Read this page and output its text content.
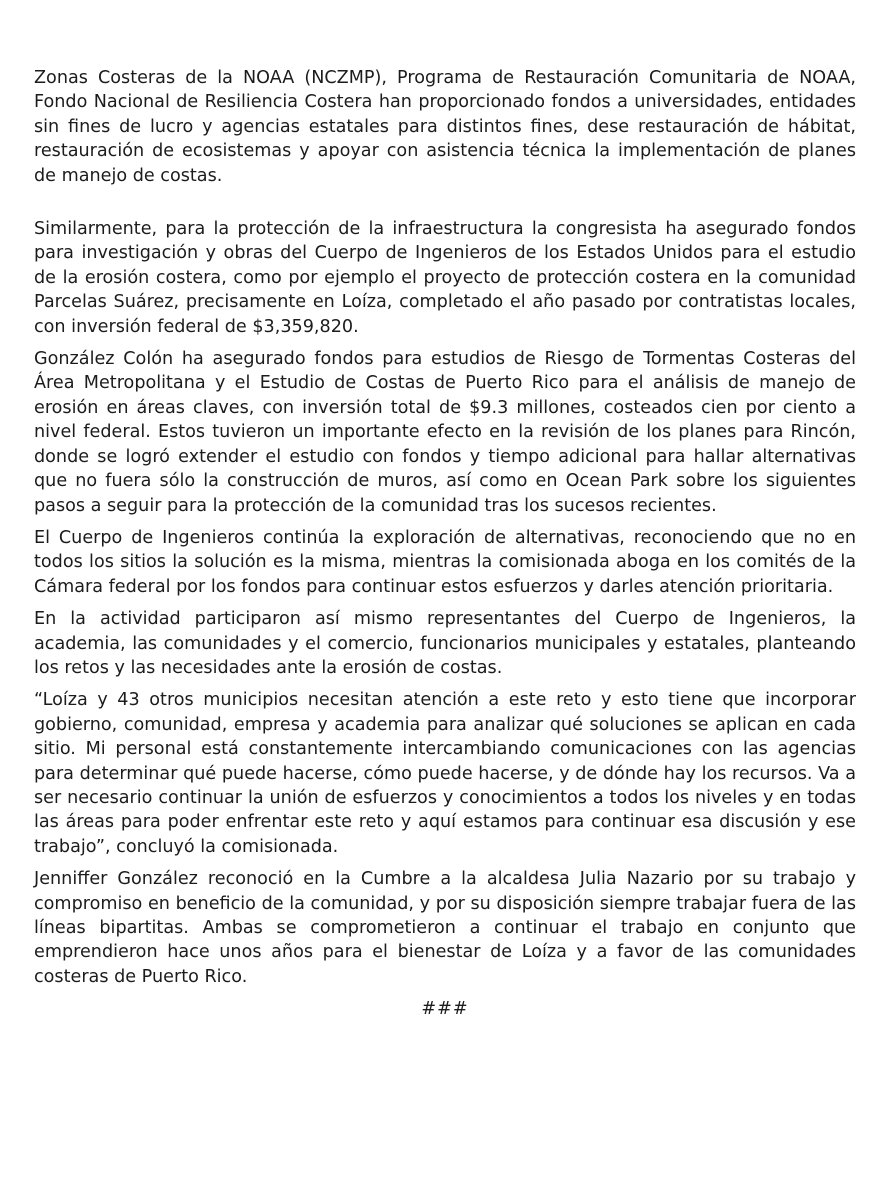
Zonas Costeras de la NOAA (NCZMP), Programa de Restauración Comunitaria de NOAA, Fondo Nacional de Resiliencia Costera han proporcionado fondos a universidades, entidades sin fines de lucro y agencias estatales para distintos fines, dese restauración de hábitat, restauración de ecosistemas y apoyar con asistencia técnica la implementación de planes de manejo de costas.

Similarmente, para la protección de la infraestructura la congresista ha asegurado fondos para investigación y obras del Cuerpo de Ingenieros de los Estados Unidos para el estudio de la erosión costera, como por ejemplo el proyecto de protección costera en la comunidad Parcelas Suárez, precisamente en Loíza, completado el año pasado por contratistas locales, con inversión federal de $3,359,820.

González Colón ha asegurado fondos para estudios de Riesgo de Tormentas Costeras del Área Metropolitana y el Estudio de Costas de Puerto Rico para el análisis de manejo de erosión en áreas claves, con inversión total de $9.3 millones, costeados cien por ciento a nivel federal. Estos tuvieron un importante efecto en la revisión de los planes para Rincón, donde se logró extender el estudio con fondos y tiempo adicional para hallar alternativas que no fuera sólo la construcción de muros, así como en Ocean Park sobre los siguientes pasos a seguir para la protección de la comunidad tras los sucesos recientes.

El Cuerpo de Ingenieros continúa la exploración de alternativas, reconociendo que no en todos los sitios la solución es la misma, mientras la comisionada aboga en los comités de la Cámara federal por los fondos para continuar estos esfuerzos y darles atención prioritaria.

En la actividad participaron así mismo representantes del Cuerpo de Ingenieros, la academia, las comunidades y el comercio, funcionarios municipales y estatales, planteando los retos y las necesidades ante la erosión de costas.

“Loíza y 43 otros municipios necesitan atención a este reto y esto tiene que incorporar gobierno, comunidad, empresa y academia para analizar qué soluciones se aplican en cada sitio. Mi personal está constantemente intercambiando comunicaciones con las agencias para determinar qué puede hacerse, cómo puede hacerse, y de dónde hay los recursos. Va a ser necesario continuar la unión de esfuerzos y conocimientos a todos los niveles y en todas las áreas para poder enfrentar este reto y aquí estamos para continuar esa discusión y ese trabajo”, concluyó la comisionada.

Jenniffer González reconoció en la Cumbre a la alcaldesa Julia Nazario por su trabajo y compromiso en beneficio de la comunidad, y por su disposición siempre trabajar fuera de las líneas bipartitas. Ambas se comprometieron a continuar el trabajo en conjunto que emprendieron hace unos años para el bienestar de Loíza y a favor de las comunidades costeras de Puerto Rico.

###
